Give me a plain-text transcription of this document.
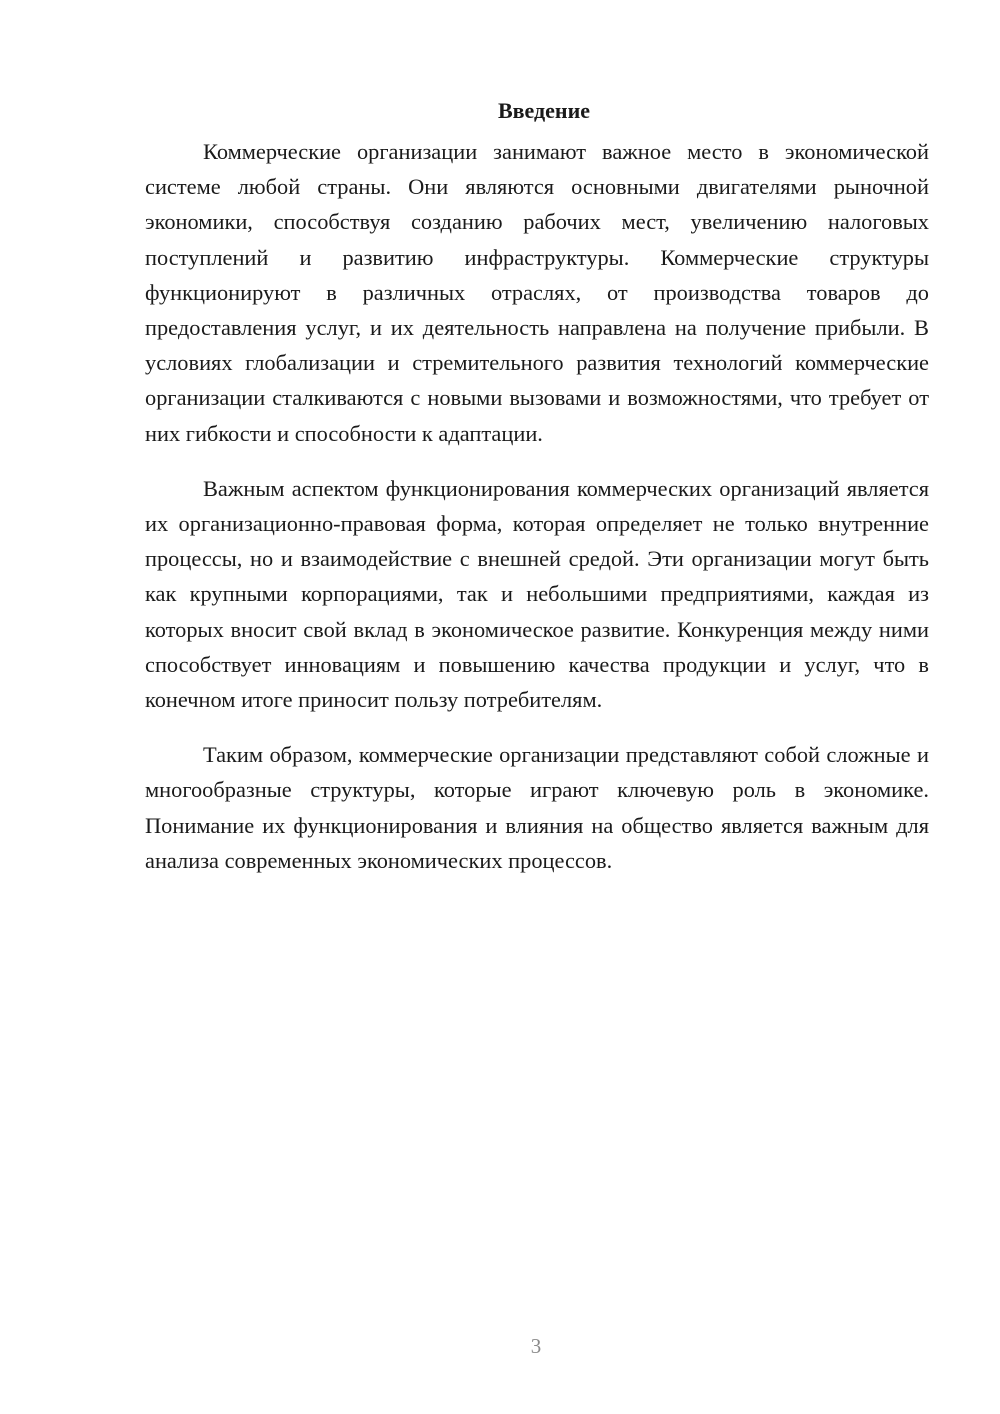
Введение

Коммерческие организации занимают важное место в экономической системе любой страны. Они являются основными двигателями рыночной экономики, способствуя созданию рабочих мест, увеличению налоговых поступлений и развитию инфраструктуры. Коммерческие структуры функционируют в различных отраслях, от производства товаров до предоставления услуг, и их деятельность направлена на получение прибыли. В условиях глобализации и стремительного развития технологий коммерческие организации сталкиваются с новыми вызовами и возможностями, что требует от них гибкости и способности к адаптации.

Важным аспектом функционирования коммерческих организаций является их организационно-правовая форма, которая определяет не только внутренние процессы, но и взаимодействие с внешней средой. Эти организации могут быть как крупными корпорациями, так и небольшими предприятиями, каждая из которых вносит свой вклад в экономическое развитие. Конкуренция между ними способствует инновациям и повышению качества продукции и услуг, что в конечном итоге приносит пользу потребителям.

Таким образом, коммерческие организации представляют собой сложные и многообразные структуры, которые играют ключевую роль в экономике. Понимание их функционирования и влияния на общество является важным для анализа современных экономических процессов.

3
